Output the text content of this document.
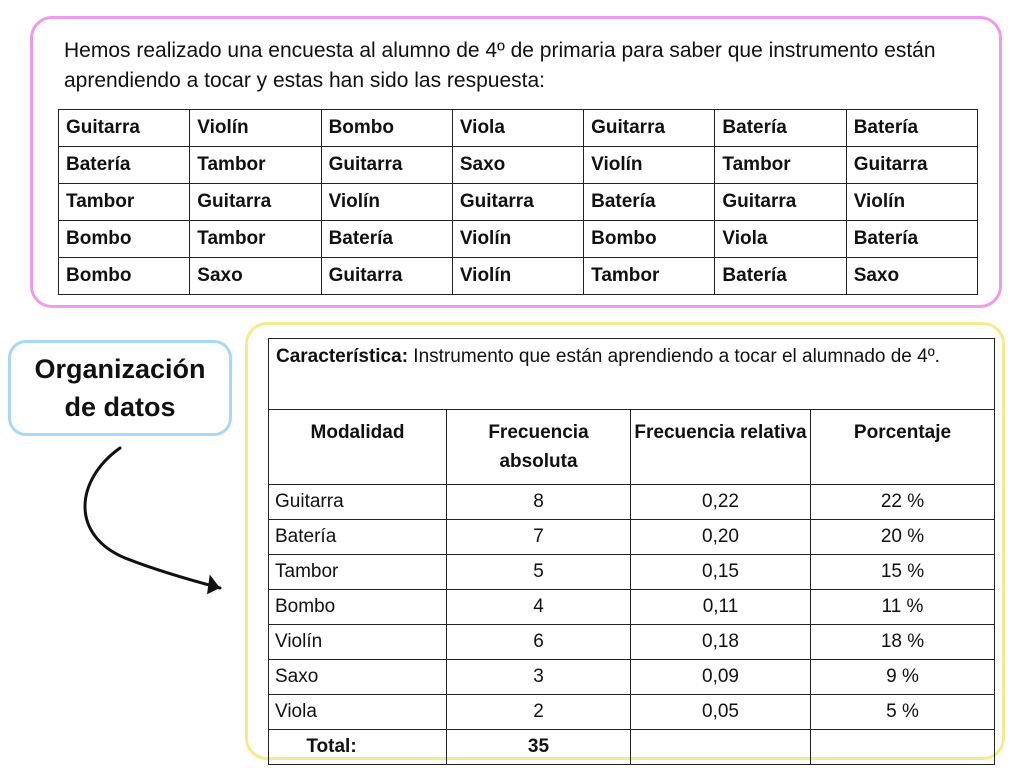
Hemos realizado una encuesta al alumno de 4º de primaria para saber que instrumento están aprendiendo a tocar y estas han sido las respuesta:

Guitarra	Violín	Bombo	Viola	Guitarra	Batería	Batería
Batería	Tambor	Guitarra	Saxo	Violín	Tambor	Guitarra
Tambor	Guitarra	Violín	Guitarra	Batería	Guitarra	Violín
Bombo	Tambor	Batería	Violín	Bombo	Viola	Batería
Bombo	Saxo	Guitarra	Violín	Tambor	Batería	Saxo
Organización de datos
Característica: Instrumento que están aprendiendo a tocar el alumnado de 4º.			
Modalidad	Frecuencia absoluta	Frecuencia relativa	Porcentaje
Guitarra	8	0,22	22 %
Batería	7	0,20	20 %
Tambor	5	0,15	15 %
Bombo	4	0,11	11 %
Violín	6	0,18	18 %
Saxo	3	0,09	9 %
Viola	2	0,05	5 %
Total:	35		
